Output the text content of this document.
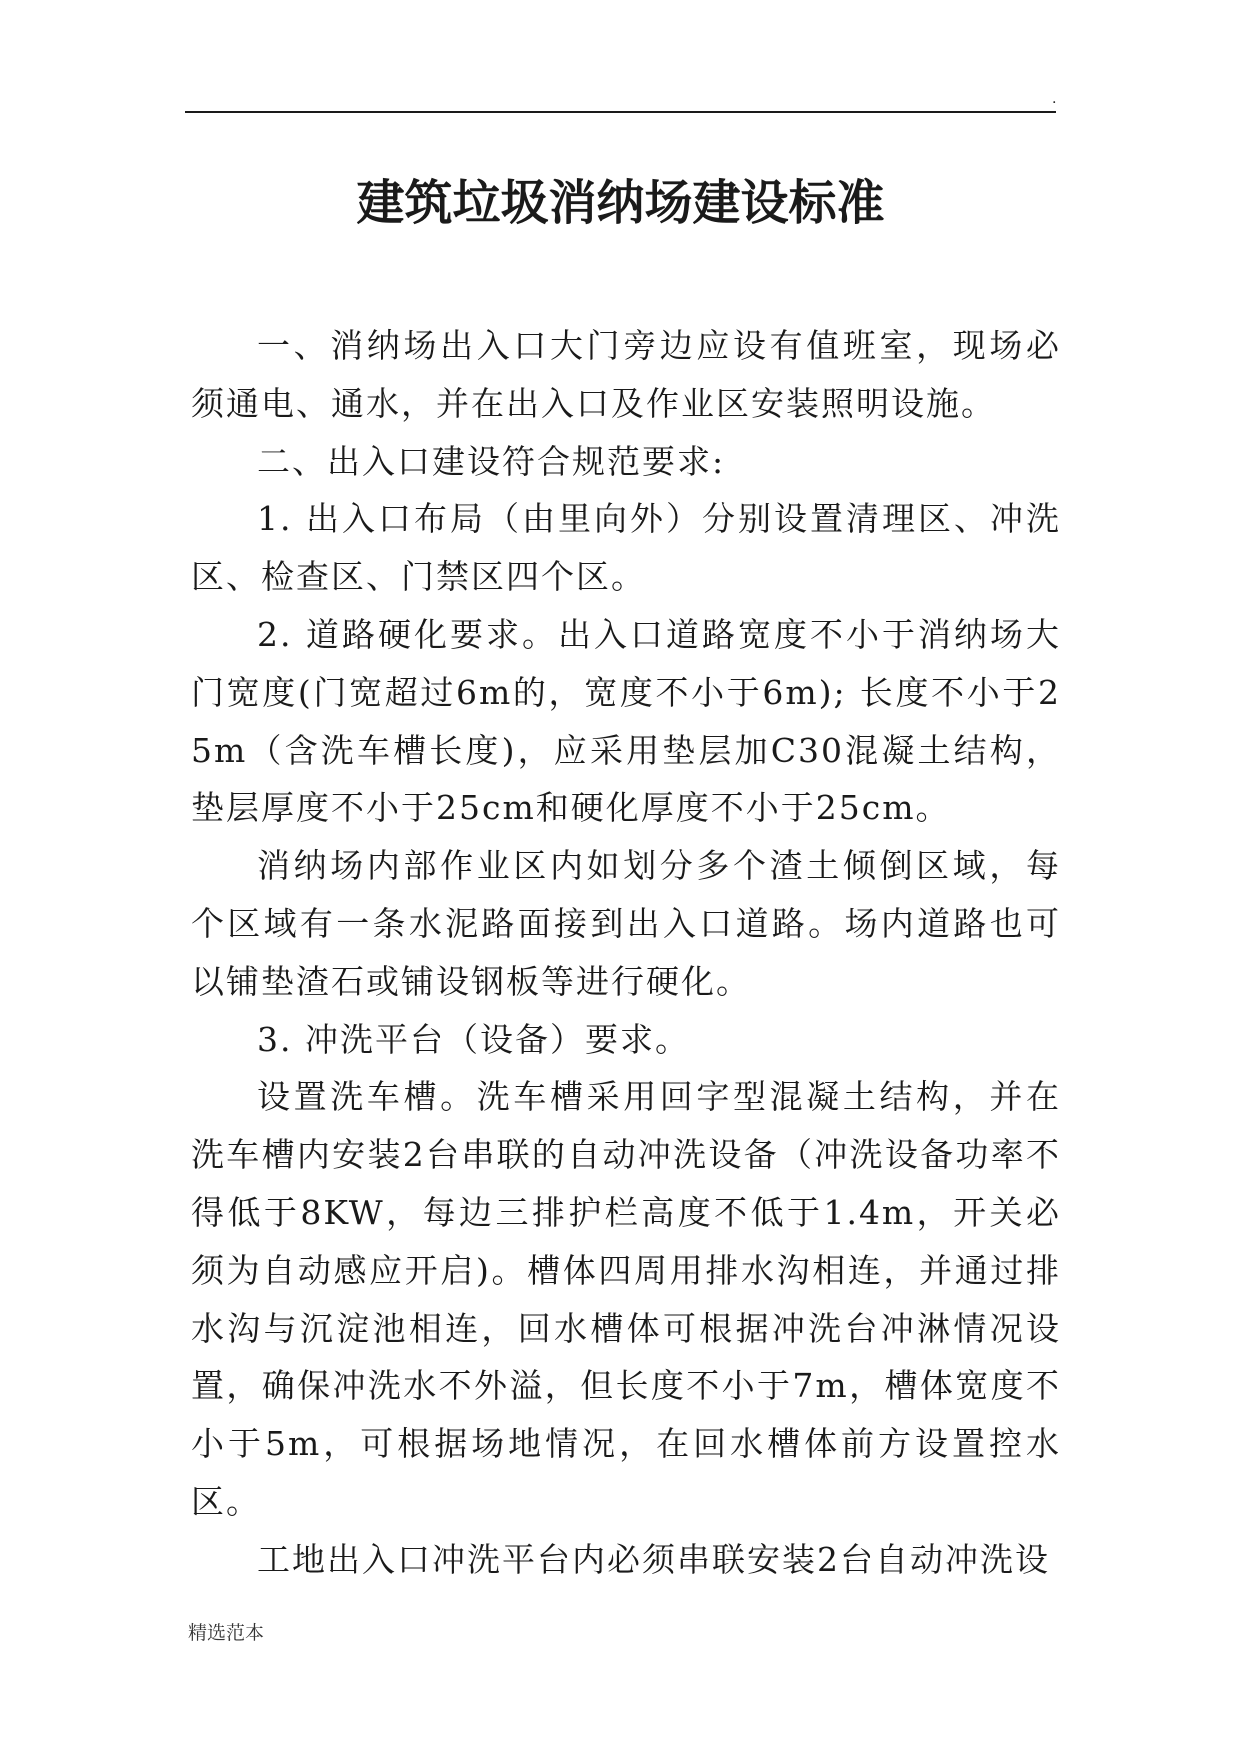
.
建筑垃圾消纳场建设标准

一、消纳场出入口大门旁边应设有值班室，现场必须通电、通水，并在出入口及作业区安装照明设施。

二、出入口建设符合规范要求:

1. 出入口布局（由里向外）分别设置清理区、冲洗区、检查区、门禁区四个区。

2. 道路硬化要求。出入口道路宽度不小于消纳场大门宽度(门宽超过6m的，宽度不小于6m); 长度不小于25m（含洗车槽长度)，应采用垫层加C30混凝土结构，垫层厚度不小于25cm和硬化厚度不小于25cm。

消纳场内部作业区内如划分多个渣土倾倒区域，每个区域有一条水泥路面接到出入口道路。场内道路也可以铺垫渣石或铺设钢板等进行硬化。

3. 冲洗平台（设备）要求。

设置洗车槽。洗车槽采用回字型混凝土结构，并在洗车槽内安装2台串联的自动冲洗设备（冲洗设备功率不得低于8KW，每边三排护栏高度不低于1.4m，开关必须为自动感应开启)。槽体四周用排水沟相连，并通过排水沟与沉淀池相连，回水槽体可根据冲洗台冲淋情况设置，确保冲洗水不外溢，但长度不小于7m，槽体宽度不小于5m，可根据场地情况，在回水槽体前方设置控水区。

工地出入口冲洗平台内必须串联安装2台自动冲洗设

精选范本
